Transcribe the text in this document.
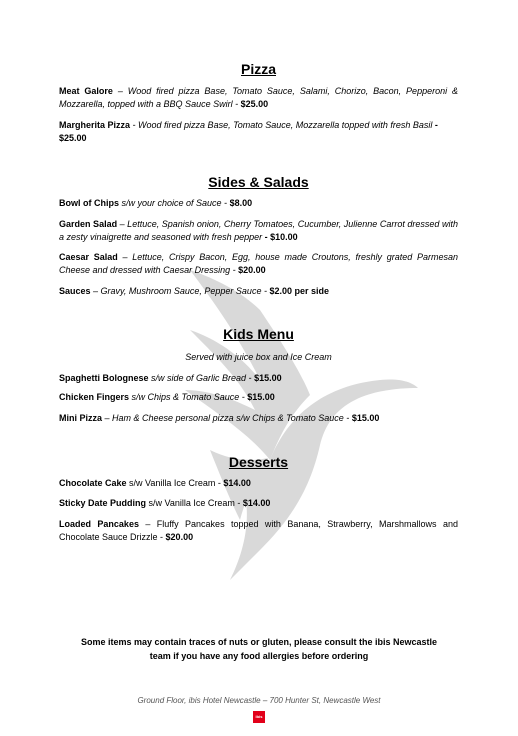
Pizza
Meat Galore – Wood fired pizza Base, Tomato Sauce, Salami, Chorizo, Bacon, Pepperoni & Mozzarella, topped with a BBQ Sauce Swirl - $25.00
Margherita Pizza - Wood fired pizza Base, Tomato Sauce, Mozzarella topped with fresh Basil - $25.00
Sides & Salads
Bowl of Chips s/w your choice of Sauce - $8.00
Garden Salad – Lettuce, Spanish onion, Cherry Tomatoes, Cucumber, Julienne Carrot dressed with a zesty vinaigrette and seasoned with fresh pepper - $10.00
Caesar Salad – Lettuce, Crispy Bacon, Egg, house made Croutons, freshly grated Parmesan Cheese and dressed with Caesar Dressing - $20.00
Sauces – Gravy, Mushroom Sauce, Pepper Sauce - $2.00 per side
Kids Menu
Served with juice box and Ice Cream
Spaghetti Bolognese s/w side of Garlic Bread - $15.00
Chicken Fingers s/w Chips & Tomato Sauce - $15.00
Mini Pizza – Ham & Cheese personal pizza s/w Chips & Tomato Sauce - $15.00
Desserts
Chocolate Cake s/w Vanilla Ice Cream - $14.00
Sticky Date Pudding s/w Vanilla Ice Cream - $14.00
Loaded Pancakes – Fluffy Pancakes topped with Banana, Strawberry, Marshmallows and Chocolate Sauce Drizzle - $20.00
Some items may contain traces of nuts or gluten, please consult the ibis Newcastle team if you have any food allergies before ordering
Ground Floor, ibis Hotel Newcastle – 700 Hunter St, Newcastle West
ibis
